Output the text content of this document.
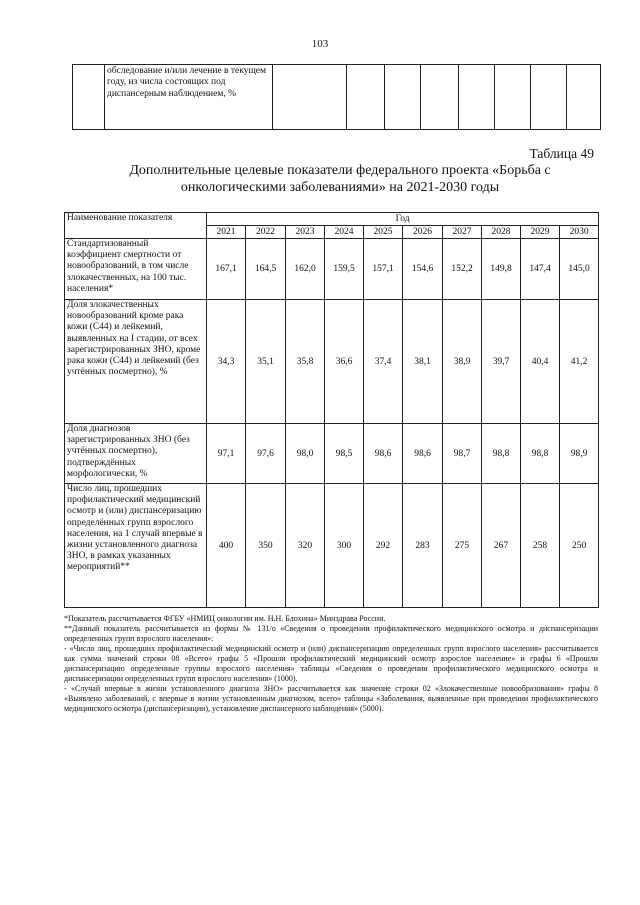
103
	обследование и/или лечение в текущем году, из числа состоящих под диспансерным наблюдением, %								
Таблица 49
Дополнительные целевые показатели федерального проекта «Борьба с онкологическими заболеваниями» на 2021-2030 годы
Наименование показателя	Год									
	2021	2022	2023	2024	2025	2026	2027	2028	2029	2030
Стандартизованный коэффициент смертности от новообразований, в том числе злокачественных, на 100 тыс. населения*	167,1	164,5	162,0	159,5	157,1	154,6	152,2	149,8	147,4	145,0
Доля злокачественных новообразований кроме рака кожи (C44) и лейкемий, выявленных на I стадии, от всех зарегистрированных ЗНО, кроме рака кожи (C44) и лейкемий (без учтённых посмертно), %	34,3	35,1	35,8	36,6	37,4	38,1	38,9	39,7	40,4	41,2
Доля диагнозов зарегистрированных ЗНО (без учтённых посмертно), подтверждённых морфологически, %	97,1	97,6	98,0	98,5	98,6	98,6	98,7	98,8	98,8	98,9
Число лиц, прошедших профилактический медицинский осмотр и (или) диспансеризацию определённых групп взрослого населения, на 1 случай впервые в жизни установленного диагноза ЗНО, в рамках указанных мероприятий**	400	350	320	300	292	283	275	267	258	250

*Показатель рассчитывается ФГБУ «НМИЦ онкологии им. Н.Н. Блохина» Минздрава России.

**Данный показатель рассчитывается из формы № 131/о «Сведения о проведении профилактического медицинского осмотра и диспансеризации определенных групп взрослого населения»:

- «Число лиц, прошедших профилактический медицинский осмотр и (или) диспансеризацию определенных групп взрослого населения» рассчитывается как сумма значений строки 08 «Всего» графы 5 «Прошли профилактический медицинский осмотр взрослое население» и графы 6 «Прошли диспансеризацию определенные группы взрослого населения» таблицы «Сведения о проведении профилактического медицинского осмотра и диспансеризации определенных групп взрослого населения» (1000).

- «Случай впервые в жизни установленного диагноза ЗНО» рассчитывается как значение строки 02 «Злокачественные новообразования» графы 8 «Выявлено заболеваний, с впервые в жизни установленным диагнозом, всего» таблицы «Заболевания, выявленные при проведении профилактического медицинского осмотра (диспансеризации), установление диспансерного наблюдения» (5000).
